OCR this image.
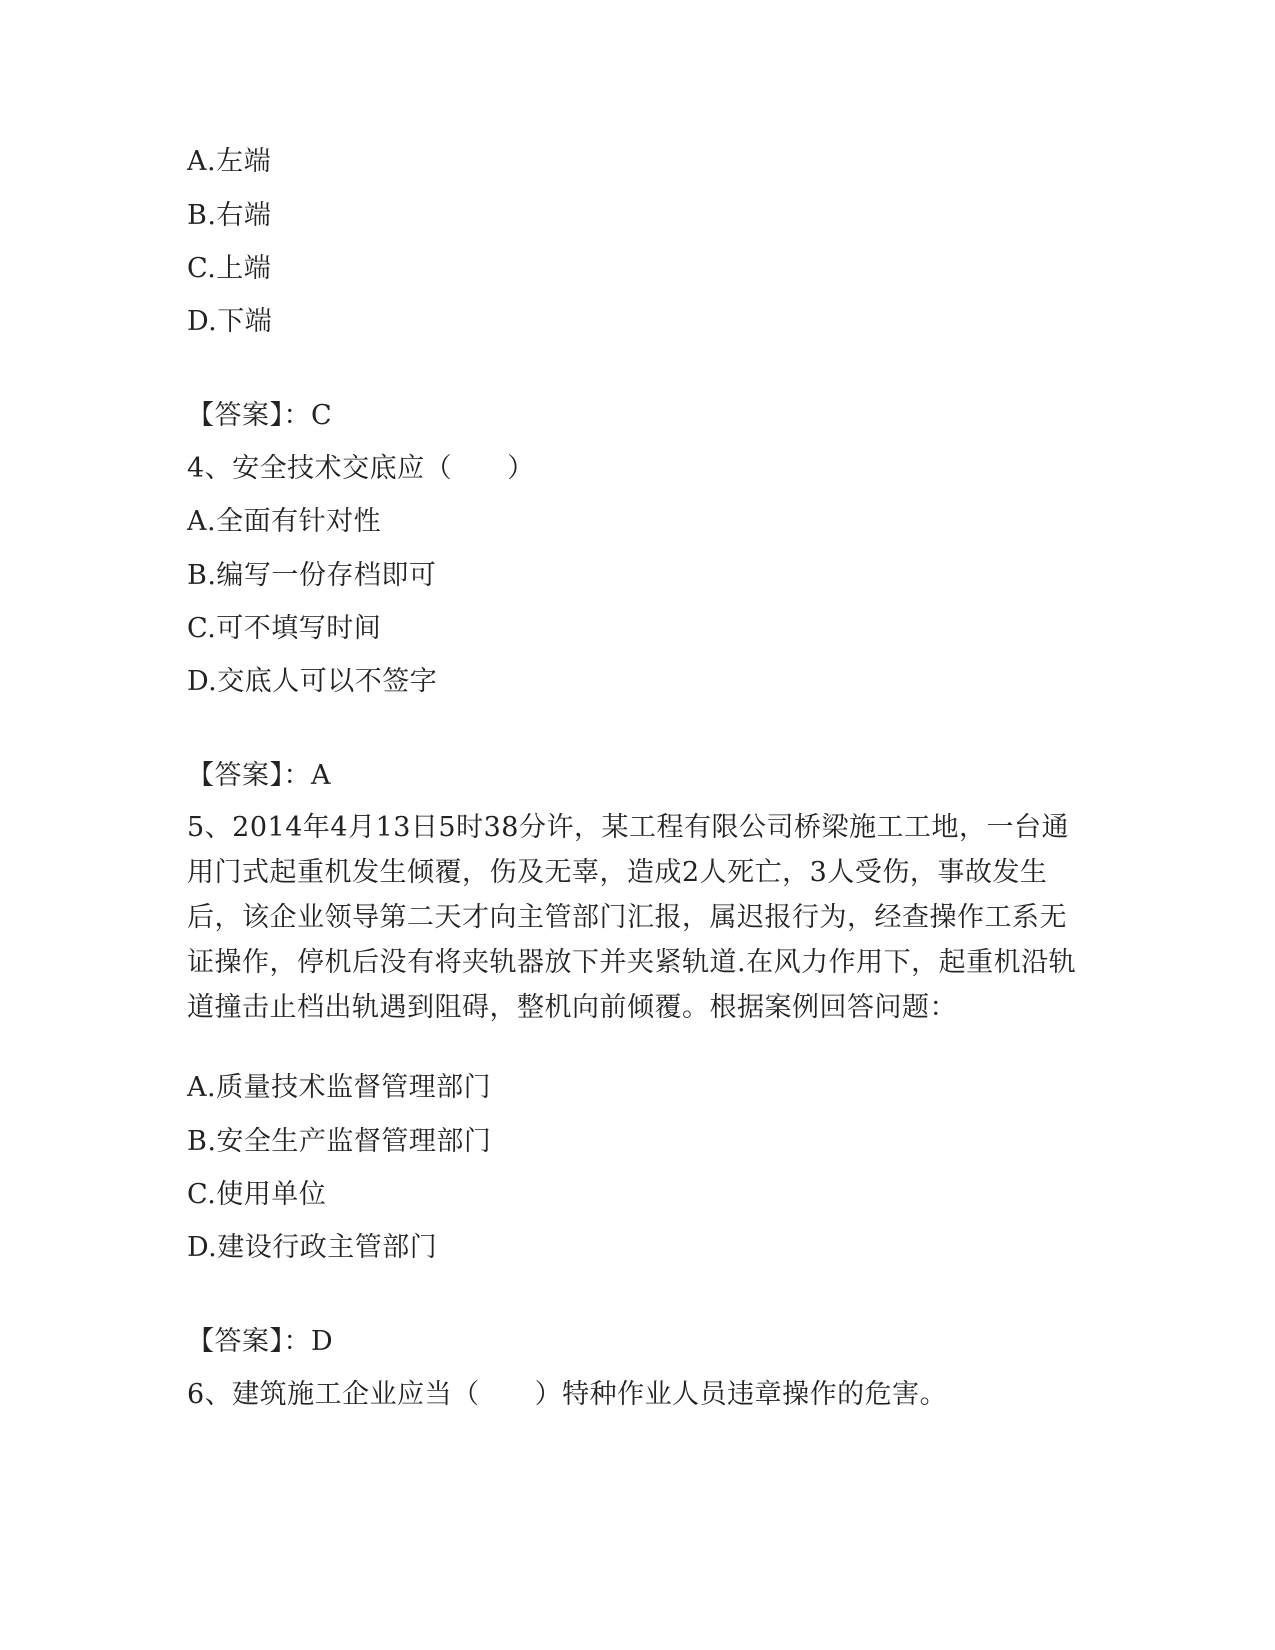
A.左端
B.右端
C.上端
D.下端
【答案】：C
4、安全技术交底应（　　）
A.全面有针对性
B.编写一份存档即可
C.可不填写时间
D.交底人可以不签字
【答案】：A
5、2014年4月13日5时38分许，某工程有限公司桥梁施工工地，一台通用门式起重机发生倾覆，伤及无辜，造成2人死亡，3人受伤，事故发生后，该企业领导第二天才向主管部门汇报，属迟报行为，经查操作工系无证操作，停机后没有将夹轨器放下并夹紧轨道.在风力作用下，起重机沿轨道撞击止档出轨遇到阻碍，整机向前倾覆。根据案例回答问题：
A.质量技术监督管理部门
B.安全生产监督管理部门
C.使用单位
D.建设行政主管部门
【答案】：D
6、建筑施工企业应当（　　）特种作业人员违章操作的危害。
